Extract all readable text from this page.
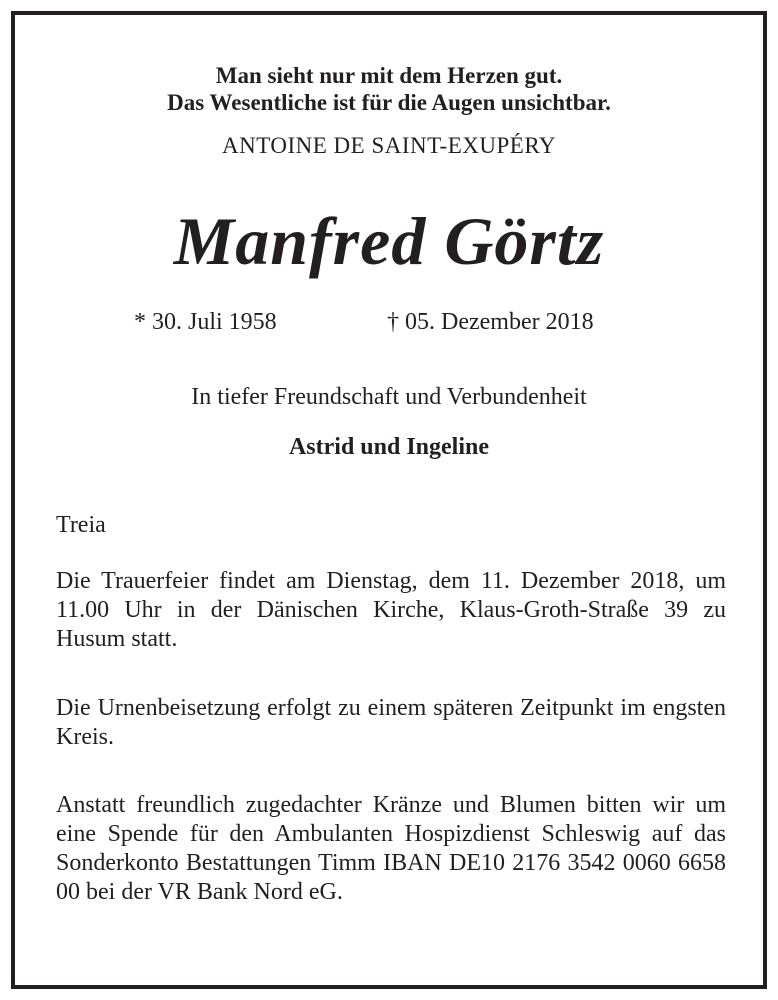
Man sieht nur mit dem Herzen gut.
Das Wesentliche ist für die Augen unsichtbar.
ANTOINE DE SAINT-EXUPÉRY
Manfred Görtz
* 30. Juli 1958	† 05. Dezember 2018
In tiefer Freundschaft und Verbundenheit
Astrid und Ingeline
Treia
Die Trauerfeier findet am Dienstag, dem 11. Dezember 2018, um 11.00 Uhr in der Dänischen Kirche, Klaus-Groth-Straße 39 zu Husum statt.
Die Urnenbeisetzung erfolgt zu einem späteren Zeitpunkt im engsten Kreis.
Anstatt freundlich zugedachter Kränze und Blumen bitten wir um eine Spende für den Ambulanten Hospizdienst Schleswig auf das Sonderkonto Bestattungen Timm IBAN DE10 2176 3542 0060 6658 00 bei der VR Bank Nord eG.
